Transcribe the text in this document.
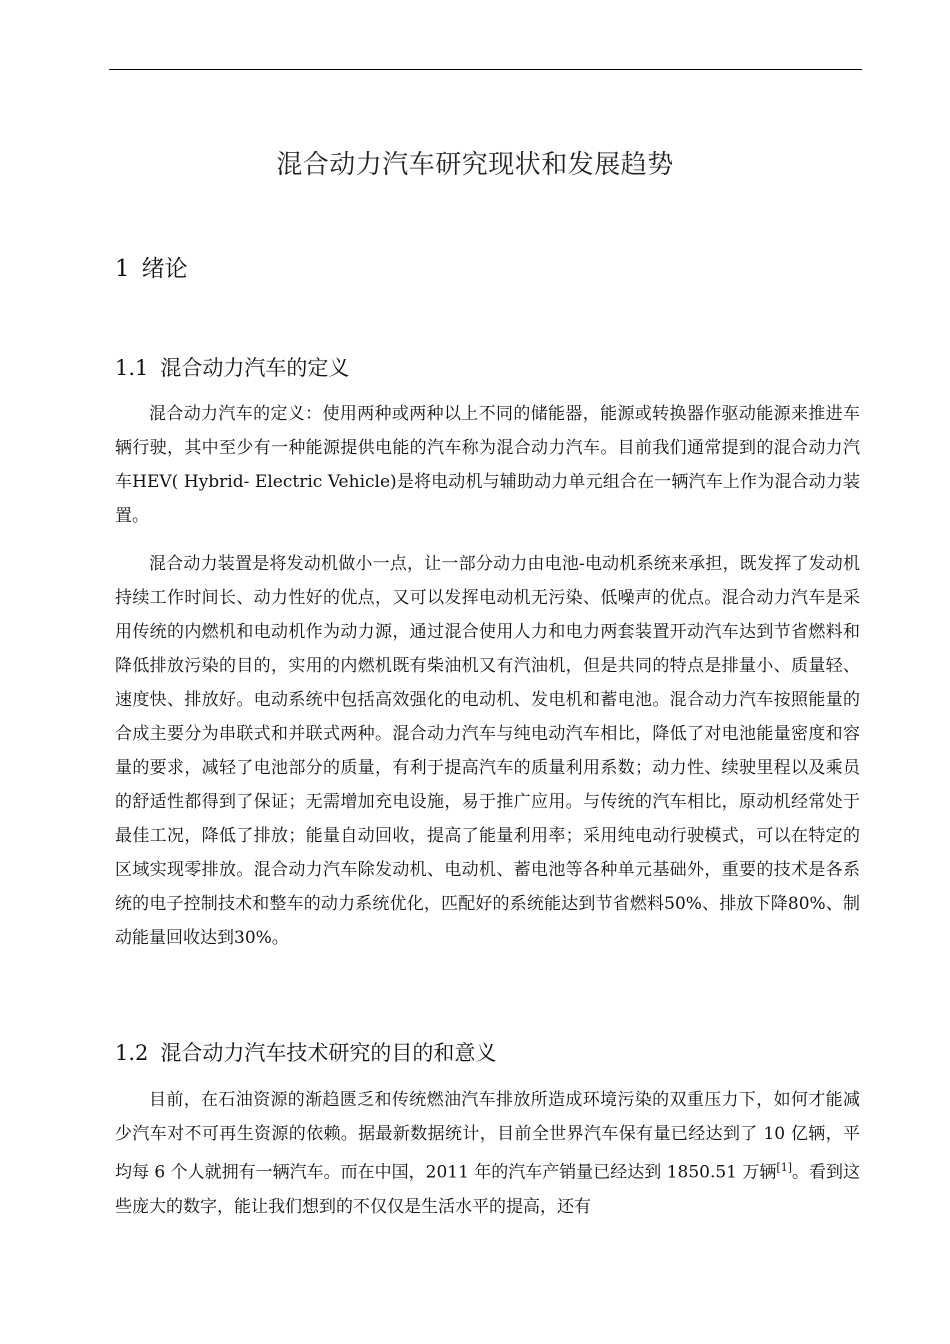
混合动力汽车研究现状和发展趋势
1 绪论
1.1 混合动力汽车的定义

混合动力汽车的定义：使用两种或两种以上不同的储能器，能源或转换器作驱动能源来推进车辆行驶，其中至少有一种能源提供电能的汽车称为混合动力汽车。目前我们通常提到的混合动力汽车HEV( Hybrid- Electric Vehicle)是将电动机与辅助动力单元组合在一辆汽车上作为混合动力装置。

混合动力装置是将发动机做小一点，让一部分动力由电池-电动机系统来承担，既发挥了发动机持续工作时间长、动力性好的优点，又可以发挥电动机无污染、低噪声的优点。混合动力汽车是采用传统的内燃机和电动机作为动力源，通过混合使用人力和电力两套装置开动汽车达到节省燃料和降低排放污染的目的，实用的内燃机既有柴油机又有汽油机，但是共同的特点是排量小、质量轻、速度快、排放好。电动系统中包括高效强化的电动机、发电机和蓄电池。混合动力汽车按照能量的合成主要分为串联式和并联式两种。混合动力汽车与纯电动汽车相比，降低了对电池能量密度和容量的要求，减轻了电池部分的质量，有利于提高汽车的质量利用系数；动力性、续驶里程以及乘员的舒适性都得到了保证；无需增加充电设施，易于推广应用。与传统的汽车相比，原动机经常处于最佳工况，降低了排放；能量自动回收，提高了能量利用率；采用纯电动行驶模式，可以在特定的区域实现零排放。混合动力汽车除发动机、电动机、蓄电池等各种单元基础外，重要的技术是各系统的电子控制技术和整车的动力系统优化，匹配好的系统能达到节省燃料50%、排放下降80%、制动能量回收达到30%。

1.2 混合动力汽车技术研究的目的和意义

目前，在石油资源的渐趋匮乏和传统燃油汽车排放所造成环境污染的双重压力下，如何才能减少汽车对不可再生资源的依赖。据最新数据统计，目前全世界汽车保有量已经达到了 10 亿辆，平均每 6 个人就拥有一辆汽车。而在中国，2011 年的汽车产销量已经达到 1850.51 万辆[1]。看到这些庞大的数字，能让我们想到的不仅仅是生活水平的提高，还有
